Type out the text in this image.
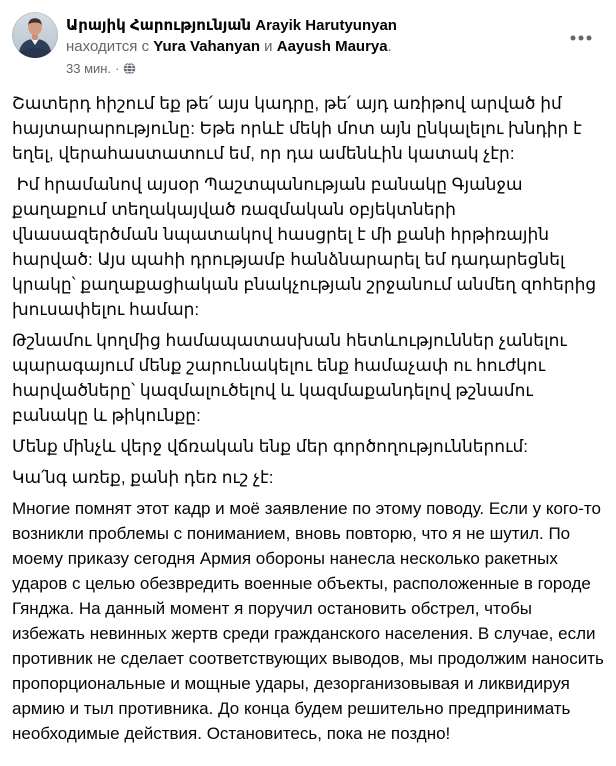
Արայիկ Հարությունյան Arayik Harutyunyan
находится с Yura Vahanyan и Aayush Maurya.
33 мин. ·

Շատերդ հիշում եք թե՛ այս կադրը, թե՛ այդ առիթով արված իմ հայտարարությունը: Եթե որևէ մեկի մոտ այն ընկալելու խնդիր է եղել, վերահաստատում եմ, որ դա ամենևին կատակ չէր:

Իմ հրամանով այսօր Պաշտպանության բանակը Գյանջա քաղաքում տեղակայված ռազմական օբյեկտների վնասազերծման նպատակով հասցրել է մի քանի հրթիռային հարված: Այս պահի դրությամբ հանձնարարել եմ դադարեցնել կրակը՝ քաղաքացիական բնակչության շրջանում անմեղ զոհերից խուսափելու համար:

Թշնամու կողմից համապատասխան հետևություններ չանելու պարագայում մենք շարունակելու ենք համաչափ ու հուժկու հարվածները՝ կազմալուծելով և կազմաքանդելով թշնամու բանակը և թիկունքը:

Մենք մինչև վերջ վճռական ենք մեր գործողություններում:

Կա՛նգ առեք, քանի դեռ ուշ չէ:

Многие помнят этот кадр и моё заявление по этому поводу. Если у кого-то возникли проблемы с пониманием, вновь повторю, что я не шутил. По моему приказу сегодня Армия обороны нанесла несколько ракетных ударов с целью обезвредить военные объекты, расположенные в городе Гянджа. На данный момент я поручил остановить обстрел, чтобы избежать невинных жертв среди гражданского населения. В случае, если противник не сделает соответствующих выводов, мы продолжим наносить пропорциональные и мощные удары, дезорганизовывая и ликвидируя армию и тыл противника. До конца будем решительно предпринимать необходимые действия. Остановитесь, пока не поздно!
